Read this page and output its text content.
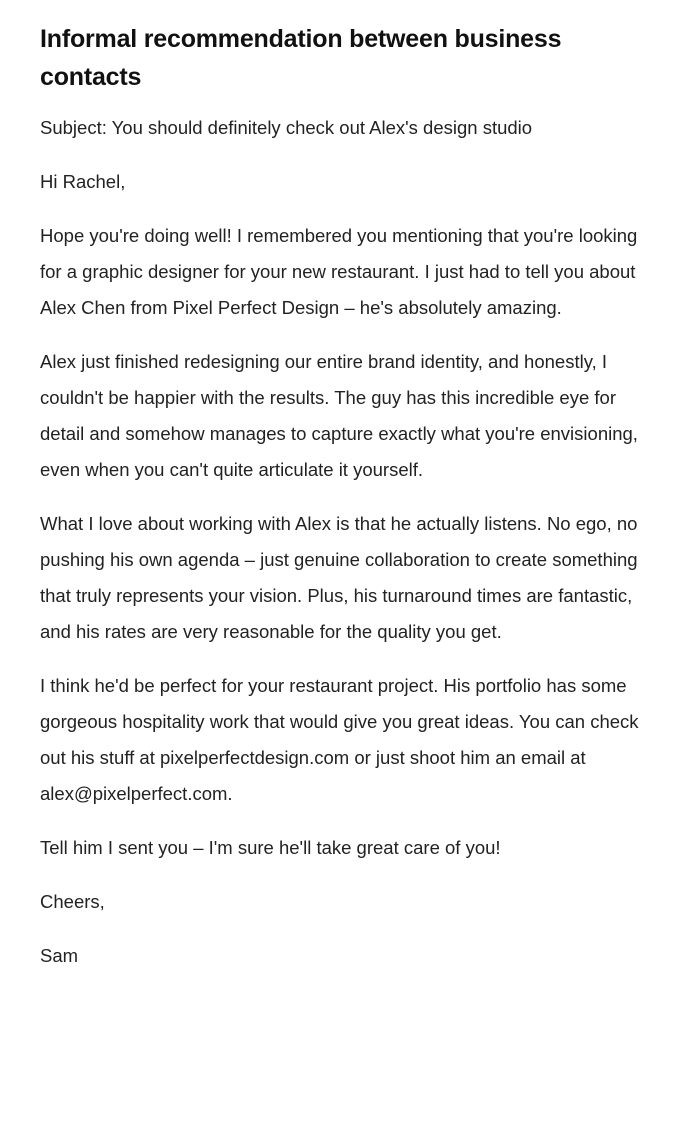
Informal recommendation between business contacts

Subject: You should definitely check out Alex's design studio

Hi Rachel,

Hope you're doing well! I remembered you mentioning that you're looking for a graphic designer for your new restaurant. I just had to tell you about Alex Chen from Pixel Perfect Design – he's absolutely amazing.

Alex just finished redesigning our entire brand identity, and honestly, I couldn't be happier with the results. The guy has this incredible eye for detail and somehow manages to capture exactly what you're envisioning, even when you can't quite articulate it yourself.

What I love about working with Alex is that he actually listens. No ego, no pushing his own agenda – just genuine collaboration to create something that truly represents your vision. Plus, his turnaround times are fantastic, and his rates are very reasonable for the quality you get.

I think he'd be perfect for your restaurant project. His portfolio has some gorgeous hospitality work that would give you great ideas. You can check out his stuff at pixelperfectdesign.com or just shoot him an email at alex@pixelperfect.com.

Tell him I sent you – I'm sure he'll take great care of you!

Cheers,

Sam
